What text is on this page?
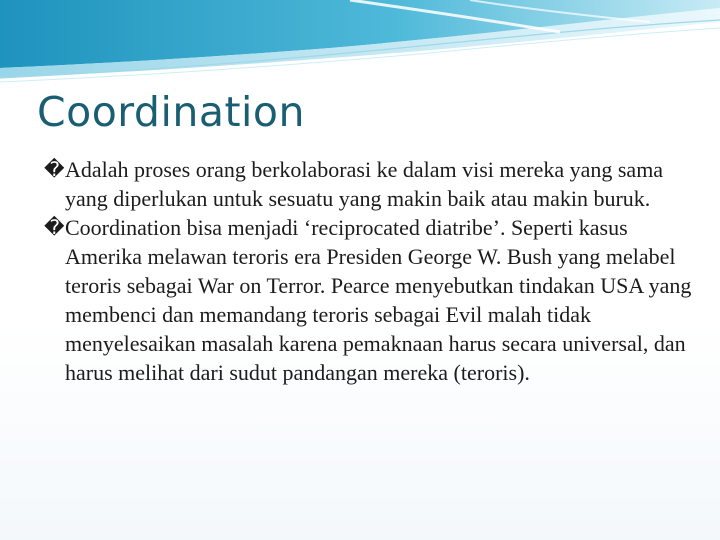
Coordination
� Adalah proses orang berkolaborasi ke dalam visi mereka yang sama yang diperlukan untuk sesuatu yang makin baik atau makin buruk.
� Coordination bisa menjadi ‘reciprocated diatribe’. Seperti kasus Amerika melawan teroris era Presiden George W. Bush yang melabel teroris sebagai War on Terror. Pearce menyebutkan tindakan USA yang membenci dan memandang teroris sebagai Evil malah tidak menyelesaikan masalah karena pemaknaan harus secara universal, dan harus melihat dari sudut pandangan mereka (teroris).
